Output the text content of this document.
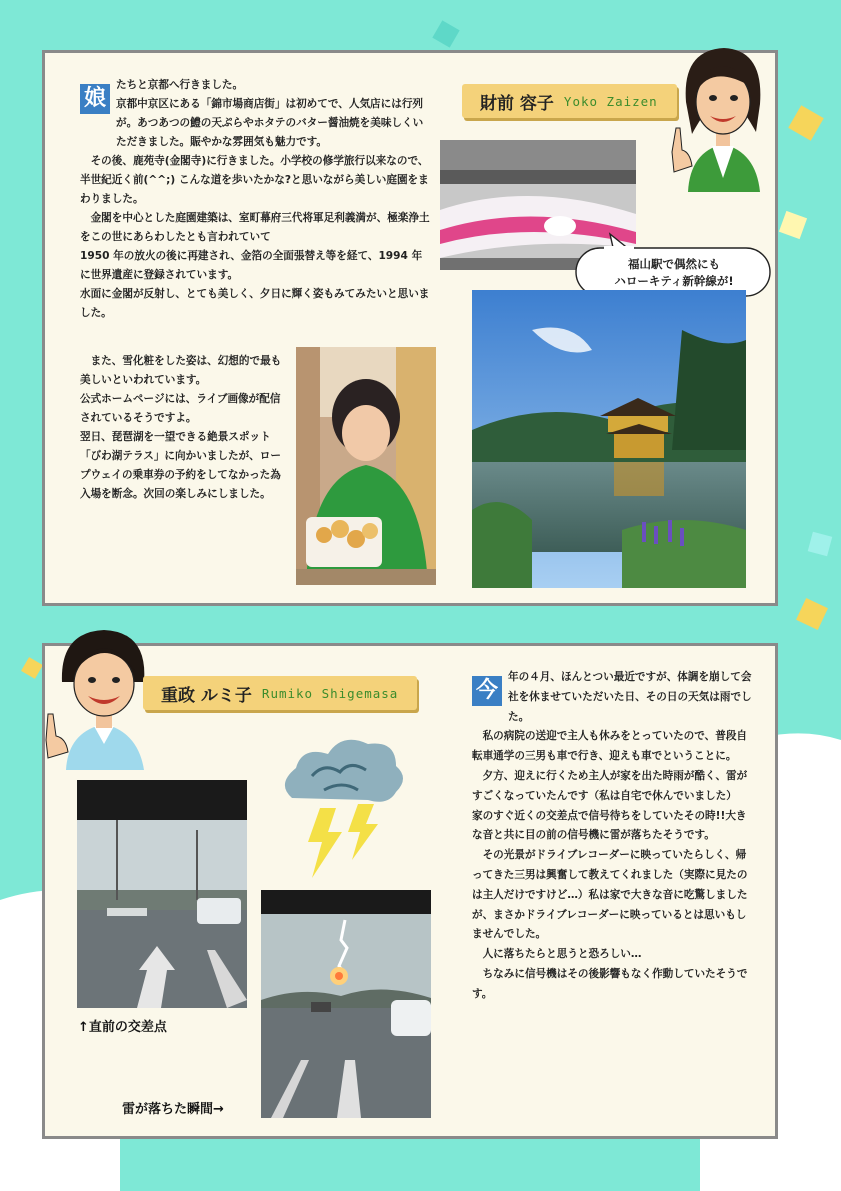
娘

たちと京都へ行きました。

京都中京区にある「錦市場商店街」は初めてで、人気店には行列が。あつあつの鱧の天ぷらやホタテのバター醤油焼を美味しくいただきました。賑やかな雰囲気も魅力です。

その後、鹿苑寺(金閣寺)に行きました。小学校の修学旅行以来なので、半世紀近く前(^^;) こんな道を歩いたかな?と思いながら美しい庭園をまわりました。

金閣を中心とした庭園建築は、室町幕府三代将軍足利義満が、極楽浄土をこの世にあらわしたとも言われていて

1950 年の放火の後に再建され、金箔の全面張替え等を経て、1994 年に世界遺産に登録されています。

水面に金閣が反射し、とても美しく、夕日に輝く姿もみてみたいと思いました。

また、雪化粧をした姿は、幻想的で最も美しいといわれています。

公式ホームページには、ライブ画像が配信されているそうですよ。

翌日、琵琶湖を一望できる絶景スポット「びわ湖テラス」に向かいましたが、ロープウェイの乗車券の予約をしてなかった為入場を断念。次回の楽しみにしました。

財前 容子 Yoko Zaizen
福山駅で偶然にも
ハローキティ新幹線が!
重政 ルミ子 Rumiko Shigemasa
↑直前の交差点
雷が落ちた瞬間→
今

年の４月、ほんとつい最近ですが、体調を崩して会社を休ませていただいた日、その日の天気は雨でした。

私の病院の送迎で主人も休みをとっていたので、普段自転車通学の三男も車で行き、迎えも車でということに。

夕方、迎えに行くため主人が家を出た時雨が酷く、雷がすごくなっていたんです（私は自宅で休んでいました）

家のすぐ近くの交差点で信号待ちをしていたその時!!大きな音と共に目の前の信号機に雷が落ちたそうです。

その光景がドライブレコーダーに映っていたらしく、帰ってきた三男は興奮して教えてくれました（実際に見たのは主人だけですけど…）私は家で大きな音に吃驚しましたが、まさかドライブレコーダーに映っているとは思いもしませんでした。

人に落ちたらと思うと恐ろしい…

ちなみに信号機はその後影響もなく作動していたそうです。
